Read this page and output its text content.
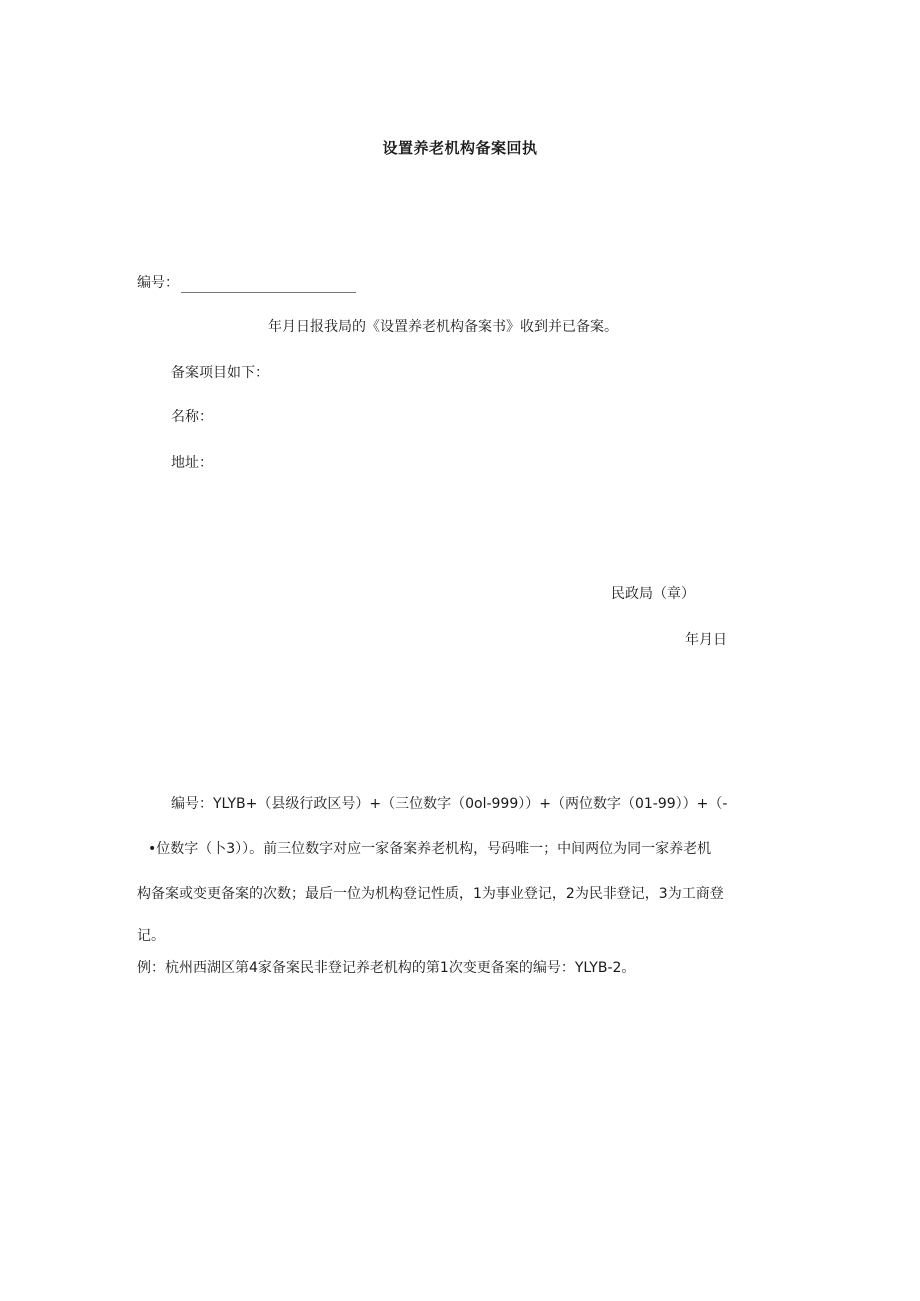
设置养老机构备案回执
编号：
年月日报我局的《设置养老机构备案书》收到并已备案。
备案项目如下：
名称：
地址：
民政局（章）
年月日
编号：YLYB+（县级行政区号）+（三位数字（0ol-999））+（两位数字（01-99））+（-
•位数字（卜3））。前三位数字对应一家备案养老机构，号码唯一；中间两位为同一家养老机
构备案或变更备案的次数；最后一位为机构登记性质，1为事业登记，2为民非登记，3为工商登
记。
例：杭州西湖区第4家备案民非登记养老机构的第1次变更备案的编号：YLYB-2。
